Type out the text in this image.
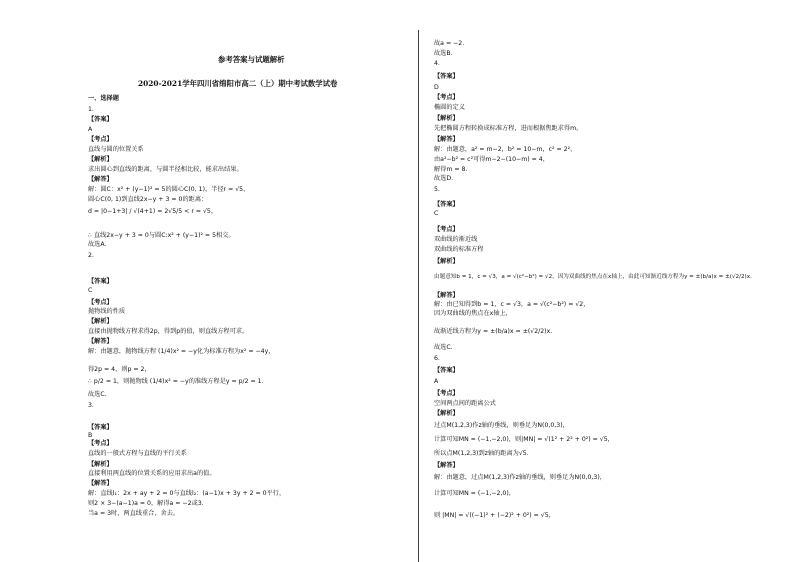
参考答案与试题解析
2020-2021学年四川省绵阳市高二（上）期中考试数学试卷
一、选择题
1.
【答案】
A
【考点】
直线与圆的位置关系
【解析】
求出圆心到直线的距离，与圆半径相比较，能求出结果。
【解答】
解：圆C：x² + (y−1)² = 5的圆心C(0, 1)，半径r = √5，
圆心C(0, 1)到直线2x−y + 3 = 0的距离：
d = |0−1+3| / √(4+1) = 2√5/5 < r = √5，
∴ 直线2x−y + 3 = 0与圆C:x² + (y−1)² = 5相交。
故选A.
2.
【答案】
C
【考点】
抛物线的性质
【解析】
直接由抛物线方程求得2p，得到p的值，则直线方程可求。
【解答】
解：由题意，抛物线方程 (1/4)x² = −y化为标准方程为x² = −4y，
得2p = 4，则p = 2，
∴ p/2 = 1，则抛物线 (1/4)x² = −y的准线方程是y = p/2 = 1.
故选C.
3.
【答案】
B
【考点】
直线的一般式方程与直线的平行关系
【解析】
直接利用两直线的位置关系的应用求出a的值。
【解答】
解：直线l₁：2x + ay + 2 = 0与直线l₂：(a−1)x + 3y + 2 = 0平行，
则2 × 3−(a−1)a = 0，解得a = −2或3.
当a = 3时，两直线重合，舍去。
故a = −2.
故选B.
4.
【答案】
D
【考点】
椭圆的定义
【解析】
先把椭圆方程转换成标准方程，进而根据焦距求得m。
【解答】
解：由题意，a² = m−2，b² = 10−m，c² = 2²，
由a²−b² = c²可得m−2−(10−m) = 4，
解得m = 8.
故选D.
5.
【答案】
C
【考点】
双曲线的渐近线
双曲线的标准方程
【解析】
由题意知b = 1，c = √3，a = √(c²−b²) = √2，因为双曲线的焦点在x轴上，由此可知渐近线方程为y = ±(b/a)x = ±(√2/2)x.
【解答】
解：由已知得到b = 1，c = √3，a = √(c²−b²) = √2，
因为双曲线的焦点在x轴上，
故渐近线方程为y = ±(b/a)x = ±(√2/2)x.
故选C.
6.
【答案】
A
【考点】
空间两点间的距离公式
【解析】
过点M(1,2,3)作z轴的垂线，则垂足为N(0,0,3)，
计算可知MN = (−1,−2,0)，则|MN| = √(1² + 2² + 0²) = √5，
所以点M(1,2,3)到z轴的距离为√5.
【解答】
解：由题意，过点M(1,2,3)作z轴的垂线，则垂足为N(0,0,3)，
计算可知MN = (−1,−2,0)，
则 |MN| = √((−1)² + (−2)² + 0²) = √5，
